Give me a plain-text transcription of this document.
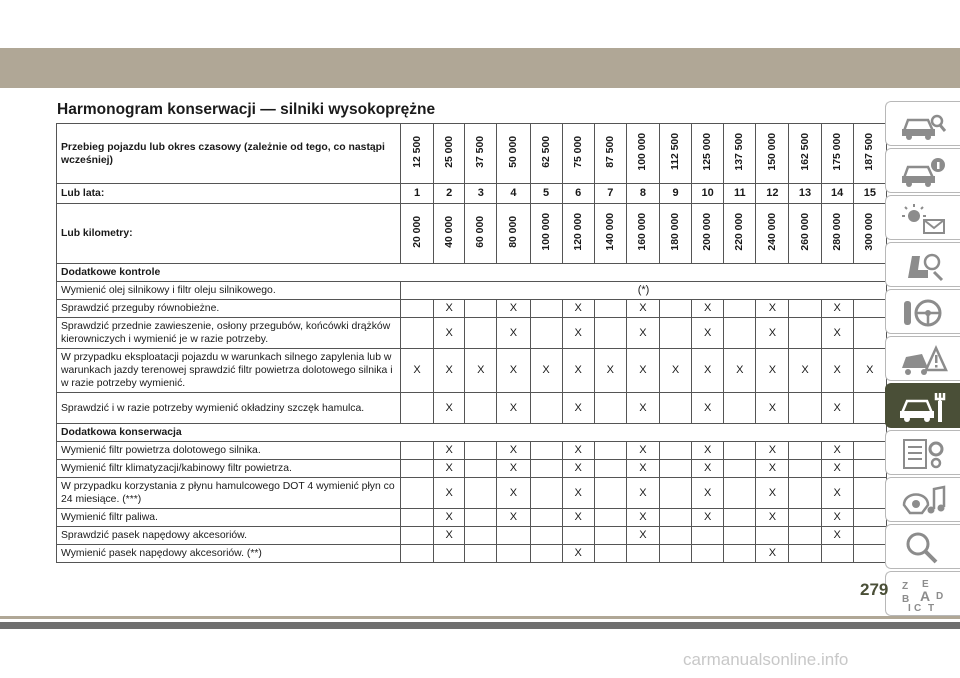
Harmonogram konserwacji — silniki wysokoprężne
Przebieg pojazdu lub okres czasowy (zależnie od tego, co nastąpi wcześniej)	12 500	25 000	37 500	50 000	62 500	75 000	87 500	100 000	112 500	125 000	137 500	150 000	162 500	175 000	187 500
Lub lata:	1	2	3	4	5	6	7	8	9	10	11	12	13	14	15
Lub kilometry:	20 000	40 000	60 000	80 000	100 000	120 000	140 000	160 000	180 000	200 000	220 000	240 000	260 000	280 000	300 000
Dodatkowe kontrole															
Wymienić olej silnikowy i filtr oleju silnikowego.	(*)														
Sprawdzić przeguby równobieżne.		X		X		X		X		X		X		X	
Sprawdzić przednie zawieszenie, osłony przegubów, końcówki drążków kierowniczych i wymienić je w razie potrzeby.		X		X		X		X		X		X		X	
W przypadku eksploatacji pojazdu w warunkach silnego zapylenia lub w warunkach jazdy terenowej sprawdzić filtr powietrza dolotowego silnika i w razie potrzeby wymienić.	X	X	X	X	X	X	X	X	X	X	X	X	X	X	X
Sprawdzić i w razie potrzeby wymienić okładziny szczęk hamulca.		X		X		X		X		X		X		X	
Dodatkowa konserwacja															
Wymienić filtr powietrza dolotowego silnika.		X		X		X		X		X		X		X	
Wymienić filtr klimatyzacji/kabinowy filtr powietrza.		X		X		X		X		X		X		X	
W przypadku korzystania z płynu hamulcowego DOT 4 wymienić płyn co 24 miesiące. (***)		X		X		X		X		X		X		X	
Wymienić filtr paliwa.		X		X		X		X		X		X		X	
Sprawdzić pasek napędowy akcesoriów.		X						X						X	
Wymienić pasek napędowy akcesoriów. (**)						X						X			
Z E
B A D
I C T
279
carmanualsonline.info
